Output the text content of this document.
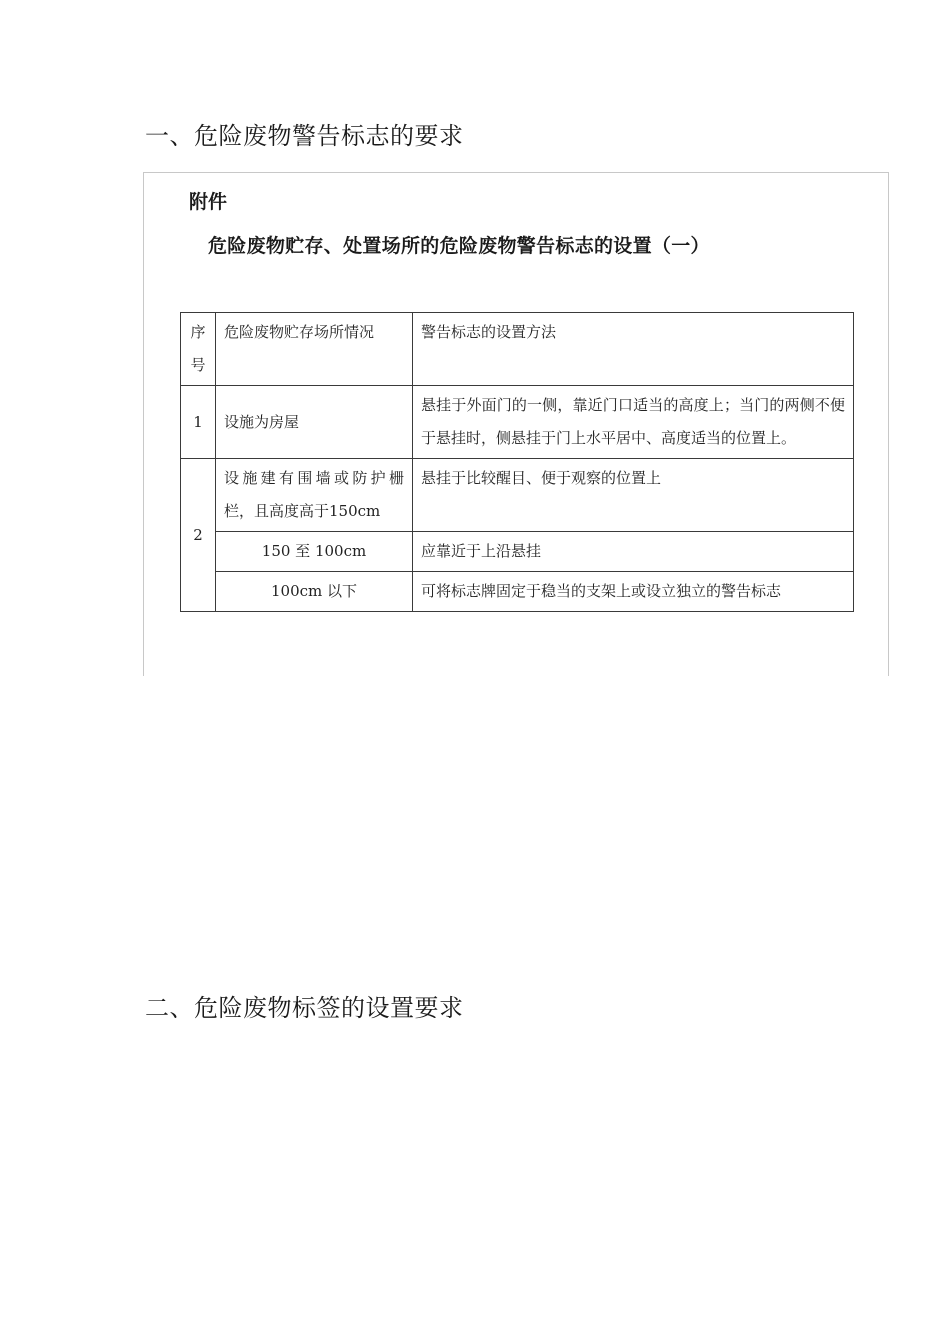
一、危险废物警告标志的要求
附件
危险废物贮存、处置场所的危险废物警告标志的设置（一）
序号	危险废物贮存场所情况	警告标志的设置方法
1	设施为房屋	悬挂于外面门的一侧，靠近门口适当的高度上；当门的两侧不便于悬挂时，侧悬挂于门上水平居中、高度适当的位置上。
2	设施建有围墙或防护栅 栏，且高度高于150cm	悬挂于比较醒目、便于观察的位置上
	150 至 100cm	应靠近于上沿悬挂
	100cm 以下	可将标志牌固定于稳当的支架上或设立独立的警告标志
二、危险废物标签的设置要求
